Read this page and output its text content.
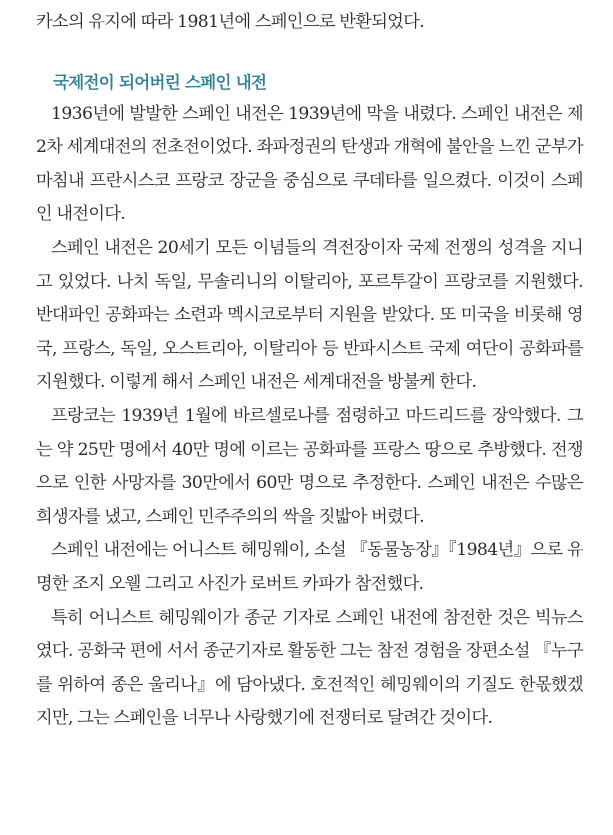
카소의 유지에 따라 1981년에 스페인으로 반환되었다.

국제전이 되어버린 스페인 내전

1936년에 발발한 스페인 내전은 1939년에 막을 내렸다. 스페인 내전은 제2차 세계대전의 전초전이었다. 좌파정권의 탄생과 개혁에 불안을 느낀 군부가 마침내 프란시스코 프랑코 장군을 중심으로 쿠데타를 일으켰다. 이것이 스페인 내전이다.

스페인 내전은 20세기 모든 이념들의 격전장이자 국제 전쟁의 성격을 지니고 있었다. 나치 독일, 무솔리니의 이탈리아, 포르투갈이 프랑코를 지원했다. 반대파인 공화파는 소련과 멕시코로부터 지원을 받았다. 또 미국을 비롯해 영국, 프랑스, 독일, 오스트리아, 이탈리아 등 반파시스트 국제 여단이 공화파를 지원했다. 이렇게 해서 스페인 내전은 세계대전을 방불케 한다.

프랑코는 1939년 1월에 바르셀로나를 점령하고 마드리드를 장악했다. 그는 약 25만 명에서 40만 명에 이르는 공화파를 프랑스 땅으로 추방했다. 전쟁으로 인한 사망자를 30만에서 60만 명으로 추정한다. 스페인 내전은 수많은 희생자를 냈고, 스페인 민주주의의 싹을 짓밟아 버렸다.

스페인 내전에는 어니스트 헤밍웨이, 소설 『동물농장』『1984년』으로 유명한 조지 오웰 그리고 사진가 로버트 카파가 참전했다.

특히 어니스트 헤밍웨이가 종군 기자로 스페인 내전에 참전한 것은 빅뉴스였다. 공화국 편에 서서 종군기자로 활동한 그는 참전 경험을 장편소설 『누구를 위하여 종은 울리나』에 담아냈다. 호전적인 헤밍웨이의 기질도 한몫했겠지만, 그는 스페인을 너무나 사랑했기에 전쟁터로 달려간 것이다.
